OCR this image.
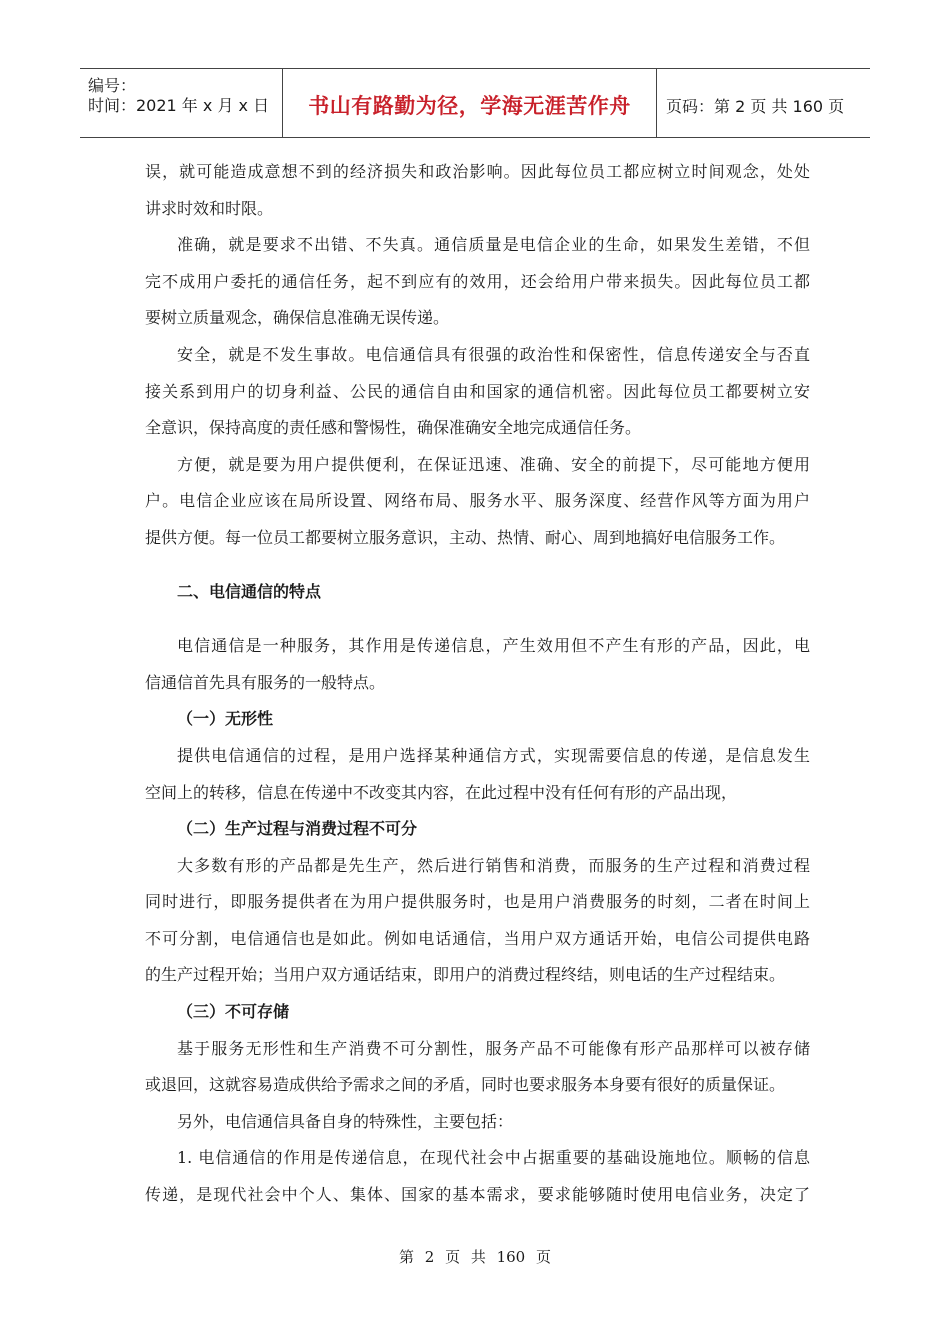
编号：
时间：2021 年 x 月 x 日	书山有路勤为径，学海无涯苦作舟	页码：第 2 页 共 160 页
误，就可能造成意想不到的经济损失和政治影响。因此每位员工都应树立时间观念，处处
讲求时效和时限。
准确，就是要求不出错、不失真。通信质量是电信企业的生命，如果发生差错，不但
完不成用户委托的通信任务，起不到应有的效用，还会给用户带来损失。因此每位员工都
要树立质量观念，确保信息准确无误传递。
安全，就是不发生事故。电信通信具有很强的政治性和保密性，信息传递安全与否直
接关系到用户的切身利益、公民的通信自由和国家的通信机密。因此每位员工都要树立安
全意识，保持高度的责任感和警惕性，确保准确安全地完成通信任务。
方便，就是要为用户提供便利，在保证迅速、准确、安全的前提下，尽可能地方便用
户。电信企业应该在局所设置、网络布局、服务水平、服务深度、经营作风等方面为用户
提供方便。每一位员工都要树立服务意识，主动、热情、耐心、周到地搞好电信服务工作。
二、电信通信的特点
电信通信是一种服务，其作用是传递信息，产生效用但不产生有形的产品，因此，电
信通信首先具有服务的一般特点。
（一）无形性
提供电信通信的过程，是用户选择某种通信方式，实现需要信息的传递，是信息发生
空间上的转移，信息在传递中不改变其内容，在此过程中没有任何有形的产品出现，
（二）生产过程与消费过程不可分
大多数有形的产品都是先生产，然后进行销售和消费，而服务的生产过程和消费过程
同时进行，即服务提供者在为用户提供服务时，也是用户消费服务的时刻，二者在时间上
不可分割，电信通信也是如此。例如电话通信，当用户双方通话开始，电信公司提供电路
的生产过程开始；当用户双方通话结束，即用户的消费过程终结，则电话的生产过程结束。
（三）不可存储
基于服务无形性和生产消费不可分割性，服务产品不可能像有形产品那样可以被存储
或退回，这就容易造成供给予需求之间的矛盾，同时也要求服务本身要有很好的质量保证。
另外，电信通信具备自身的特殊性，主要包括：
1. 电信通信的作用是传递信息，在现代社会中占据重要的基础设施地位。顺畅的信息
传递，是现代社会中个人、集体、国家的基本需求，要求能够随时使用电信业务，决定了
第 2 页 共 160 页
